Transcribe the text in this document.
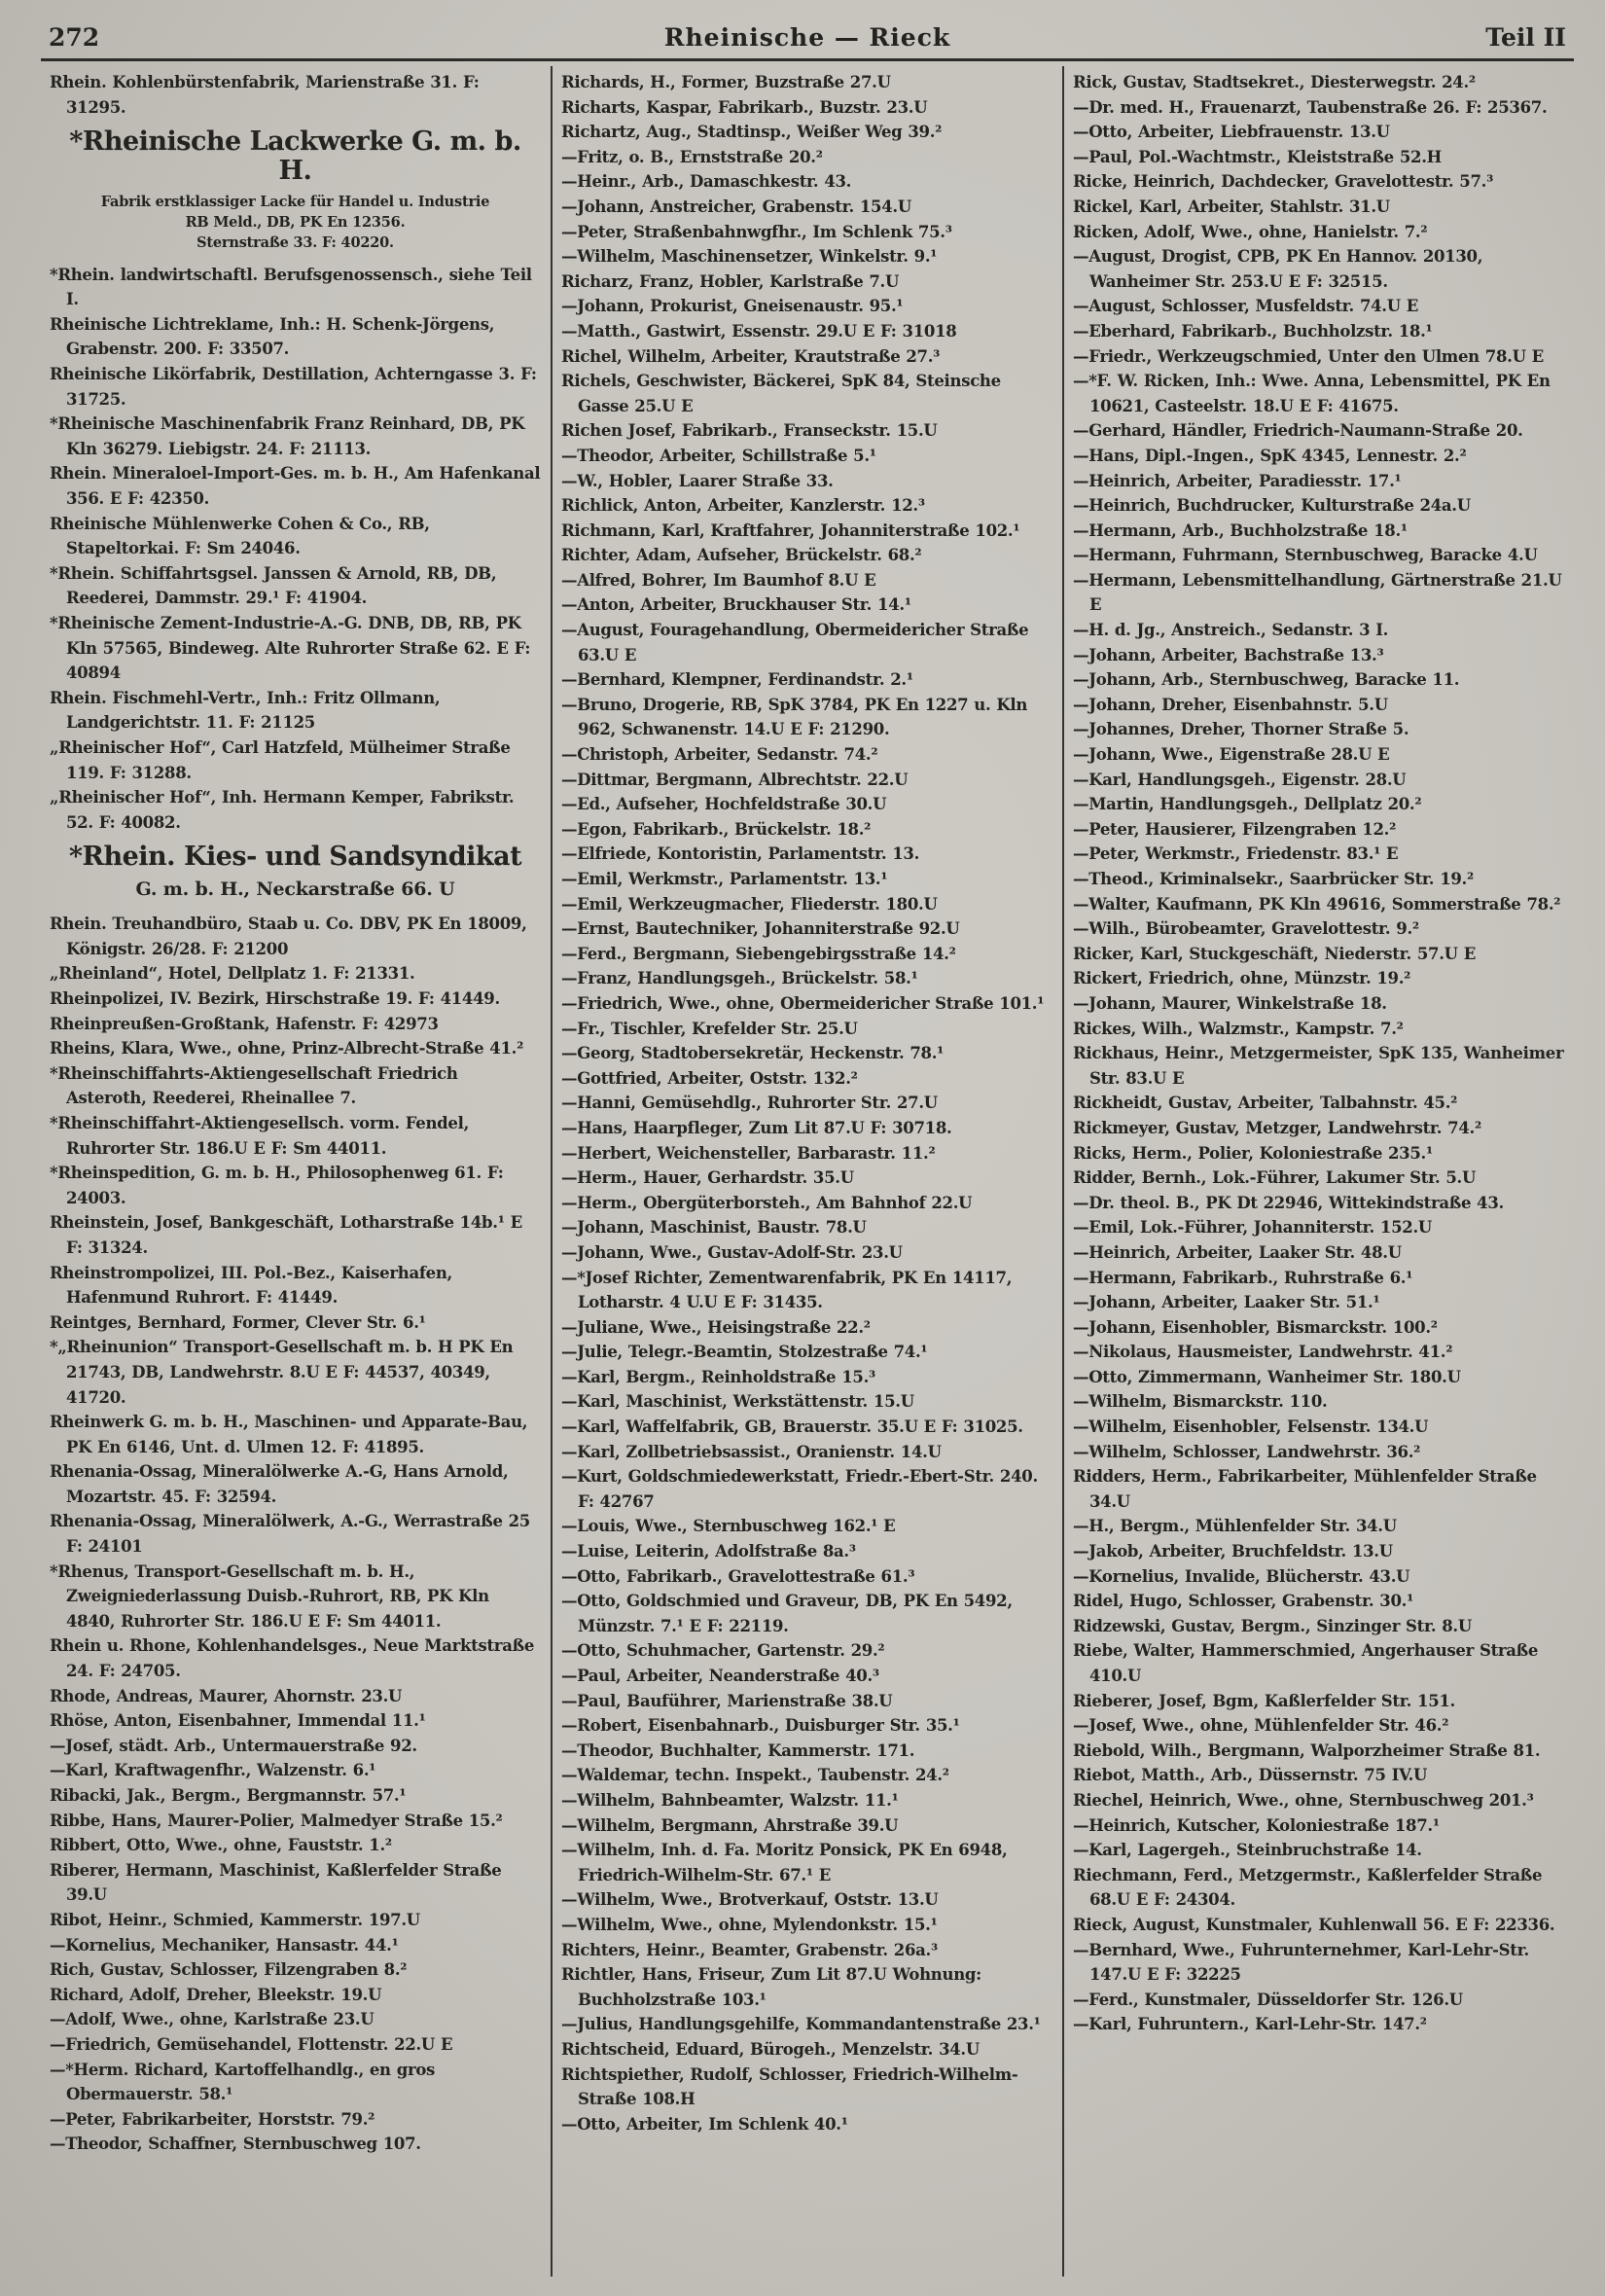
272	Rheinische — Rieck	Teil II
Rhein. Kohlenbürstenfabrik, Marienstraße 31. F: 31295.
*Rheinische Lackwerke G. m. b. H.
Fabrik erstklassiger Lacke für Handel u. Industrie
RB Meld., DB, PK En 12356.
Sternstraße 33. F: 40220.
*Rhein. landwirtschaftl. Berufsgenossensch., siehe Teil I.
Rheinische Lichtreklame, Inh.: H. Schenk-Jörgens, Grabenstr. 200. F: 33507.
Rheinische Likörfabrik, Destillation, Achterngasse 3. F: 31725.
*Rheinische Maschinenfabrik Franz Reinhard, DB, PK Kln 36279. Liebigstr. 24. F: 21113.
Rhein. Mineraloel-Import-Ges. m. b. H., Am Hafenkanal 356. E F: 42350.
Rheinische Mühlenwerke Cohen & Co., RB, Stapeltorkai. F: Sm 24046.
*Rhein. Schiffahrtsgsel. Janssen & Arnold, RB, DB, Reederei, Dammstr. 29.¹ F: 41904.
*Rheinische Zement-Industrie-A.-G. DNB, DB, RB, PK Kln 57565, Bindeweg. Alte Ruhrorter Straße 62. E F: 40894
Rhein. Fischmehl-Vertr., Inh.: Fritz Ollmann, Landgerichtstr. 11. F: 21125
„Rheinischer Hof“, Carl Hatzfeld, Mülheimer Straße 119. F: 31288.
„Rheinischer Hof“, Inh. Hermann Kemper, Fabrikstr. 52. F: 40082.
*Rhein. Kies- und Sandsyndikat
G. m. b. H., Neckarstraße 66. U
Rhein. Treuhandbüro, Staab u. Co. DBV, PK En 18009, Königstr. 26/28. F: 21200
„Rheinland“, Hotel, Dellplatz 1. F: 21331.
Rheinpolizei, IV. Bezirk, Hirschstraße 19. F: 41449.
Rheinpreußen-Großtank, Hafenstr. F: 42973
Rheins, Klara, Wwe., ohne, Prinz-Albrecht-Straße 41.²
*Rheinschiffahrts-Aktiengesellschaft Friedrich Asteroth, Reederei, Rheinallee 7.
*Rheinschiffahrt-Aktiengesellsch. vorm. Fendel, Ruhrorter Str. 186.U E F: Sm 44011.
*Rheinspedition, G. m. b. H., Philosophenweg 61. F: 24003.
Rheinstein, Josef, Bankgeschäft, Lotharstraße 14b.¹ E F: 31324.
Rheinstrompolizei, III. Pol.-Bez., Kaiserhafen, Hafenmund Ruhrort. F: 41449.
Reintges, Bernhard, Former, Clever Str. 6.¹
*„Rheinunion“ Transport-Gesellschaft m. b. H PK En 21743, DB, Landwehrstr. 8.U E F: 44537, 40349, 41720.
Rheinwerk G. m. b. H., Maschinen- und Apparate-Bau, PK En 6146, Unt. d. Ulmen 12. F: 41895.
Rhenania-Ossag, Mineralölwerke A.-G, Hans Arnold, Mozartstr. 45. F: 32594.
Rhenania-Ossag, Mineralölwerk, A.-G., Werrastraße 25 F: 24101
*Rhenus, Transport-Gesellschaft m. b. H., Zweigniederlassung Duisb.-Ruhrort, RB, PK Kln 4840, Ruhrorter Str. 186.U E F: Sm 44011.
Rhein u. Rhone, Kohlenhandelsges., Neue Marktstraße 24. F: 24705.
Rhode, Andreas, Maurer, Ahornstr. 23.U
Rhöse, Anton, Eisenbahner, Immendal 11.¹
—Josef, städt. Arb., Untermauerstraße 92.
—Karl, Kraftwagenfhr., Walzenstr. 6.¹
Ribacki, Jak., Bergm., Bergmannstr. 57.¹
Ribbe, Hans, Maurer-Polier, Malmedyer Straße 15.²
Ribbert, Otto, Wwe., ohne, Fauststr. 1.²
Riberer, Hermann, Maschinist, Kaßlerfelder Straße 39.U
Ribot, Heinr., Schmied, Kammerstr. 197.U
—Kornelius, Mechaniker, Hansastr. 44.¹
Rich, Gustav, Schlosser, Filzengraben 8.²
Richard, Adolf, Dreher, Bleekstr. 19.U
—Adolf, Wwe., ohne, Karlstraße 23.U
—Friedrich, Gemüsehandel, Flottenstr. 22.U E
—*Herm. Richard, Kartoffelhandlg., en gros Obermauerstr. 58.¹
—Peter, Fabrikarbeiter, Horststr. 79.²
—Theodor, Schaffner, Sternbuschweg 107.
Richards, H., Former, Buzstraße 27.U
Richarts, Kaspar, Fabrikarb., Buzstr. 23.U
Richartz, Aug., Stadtinsp., Weißer Weg 39.²
—Fritz, o. B., Ernststraße 20.²
—Heinr., Arb., Damaschkestr. 43.
—Johann, Anstreicher, Grabenstr. 154.U
—Peter, Straßenbahnwgfhr., Im Schlenk 75.³
—Wilhelm, Maschinensetzer, Winkelstr. 9.¹
Richarz, Franz, Hobler, Karlstraße 7.U
—Johann, Prokurist, Gneisenaustr. 95.¹
—Matth., Gastwirt, Essenstr. 29.U E F: 31018
Richel, Wilhelm, Arbeiter, Krautstraße 27.³
Richels, Geschwister, Bäckerei, SpK 84, Steinsche Gasse 25.U E
Richen Josef, Fabrikarb., Franseckstr. 15.U
—Theodor, Arbeiter, Schillstraße 5.¹
—W., Hobler, Laarer Straße 33.
Richlick, Anton, Arbeiter, Kanzlerstr. 12.³
Richmann, Karl, Kraftfahrer, Johanniterstraße 102.¹
Richter, Adam, Aufseher, Brückelstr. 68.²
—Alfred, Bohrer, Im Baumhof 8.U E
—Anton, Arbeiter, Bruckhauser Str. 14.¹
—August, Fouragehandlung, Obermeidericher Straße 63.U E
—Bernhard, Klempner, Ferdinandstr. 2.¹
—Bruno, Drogerie, RB, SpK 3784, PK En 1227 u. Kln 962, Schwanenstr. 14.U E F: 21290.
—Christoph, Arbeiter, Sedanstr. 74.²
—Dittmar, Bergmann, Albrechtstr. 22.U
—Ed., Aufseher, Hochfeldstraße 30.U
—Egon, Fabrikarb., Brückelstr. 18.²
—Elfriede, Kontoristin, Parlamentstr. 13.
—Emil, Werkmstr., Parlamentstr. 13.¹
—Emil, Werkzeugmacher, Fliederstr. 180.U
—Ernst, Bautechniker, Johanniterstraße 92.U
—Ferd., Bergmann, Siebengebirgsstraße 14.²
—Franz, Handlungsgeh., Brückelstr. 58.¹
—Friedrich, Wwe., ohne, Obermeidericher Straße 101.¹
—Fr., Tischler, Krefelder Str. 25.U
—Georg, Stadtobersekretär, Heckenstr. 78.¹
—Gottfried, Arbeiter, Oststr. 132.²
—Hanni, Gemüsehdlg., Ruhrorter Str. 27.U
—Hans, Haarpfleger, Zum Lit 87.U F: 30718.
—Herbert, Weichensteller, Barbarastr. 11.²
—Herm., Hauer, Gerhardstr. 35.U
—Herm., Obergüterborsteh., Am Bahnhof 22.U
—Johann, Maschinist, Baustr. 78.U
—Johann, Wwe., Gustav-Adolf-Str. 23.U
—*Josef Richter, Zementwarenfabrik, PK En 14117, Lotharstr. 4 U.U E F: 31435.
—Juliane, Wwe., Heisingstraße 22.²
—Julie, Telegr.-Beamtin, Stolzestraße 74.¹
—Karl, Bergm., Reinholdstraße 15.³
—Karl, Maschinist, Werkstättenstr. 15.U
—Karl, Waffelfabrik, GB, Brauerstr. 35.U E F: 31025.
—Karl, Zollbetriebsassist., Oranienstr. 14.U
—Kurt, Goldschmiedewerkstatt, Friedr.-Ebert-Str. 240. F: 42767
—Louis, Wwe., Sternbuschweg 162.¹ E
—Luise, Leiterin, Adolfstraße 8a.³
—Otto, Fabrikarb., Gravelottestraße 61.³
—Otto, Goldschmied und Graveur, DB, PK En 5492, Münzstr. 7.¹ E F: 22119.
—Otto, Schuhmacher, Gartenstr. 29.²
—Paul, Arbeiter, Neanderstraße 40.³
—Paul, Bauführer, Marienstraße 38.U
—Robert, Eisenbahnarb., Duisburger Str. 35.¹
—Theodor, Buchhalter, Kammerstr. 171.
—Waldemar, techn. Inspekt., Taubenstr. 24.²
—Wilhelm, Bahnbeamter, Walzstr. 11.¹
—Wilhelm, Bergmann, Ahrstraße 39.U
—Wilhelm, Inh. d. Fa. Moritz Ponsick, PK En 6948, Friedrich-Wilhelm-Str. 67.¹ E
—Wilhelm, Wwe., Brotverkauf, Oststr. 13.U
—Wilhelm, Wwe., ohne, Mylendonkstr. 15.¹
Richters, Heinr., Beamter, Grabenstr. 26a.³
Richtler, Hans, Friseur, Zum Lit 87.U Wohnung: Buchholzstraße 103.¹
—Julius, Handlungsgehilfe, Kommandantenstraße 23.¹
Richtscheid, Eduard, Bürogeh., Menzelstr. 34.U
Richtspiether, Rudolf, Schlosser, Friedrich-Wilhelm-Straße 108.H
—Otto, Arbeiter, Im Schlenk 40.¹
Rick, Gustav, Stadtsekret., Diesterwegstr. 24.²
—Dr. med. H., Frauenarzt, Taubenstraße 26. F: 25367.
—Otto, Arbeiter, Liebfrauenstr. 13.U
—Paul, Pol.-Wachtmstr., Kleiststraße 52.H
Ricke, Heinrich, Dachdecker, Gravelottestr. 57.³
Rickel, Karl, Arbeiter, Stahlstr. 31.U
Ricken, Adolf, Wwe., ohne, Hanielstr. 7.²
—August, Drogist, CPB, PK En Hannov. 20130, Wanheimer Str. 253.U E F: 32515.
—August, Schlosser, Musfeldstr. 74.U E
—Eberhard, Fabrikarb., Buchholzstr. 18.¹
—Friedr., Werkzeugschmied, Unter den Ulmen 78.U E
—*F. W. Ricken, Inh.: Wwe. Anna, Lebensmittel, PK En 10621, Casteelstr. 18.U E F: 41675.
—Gerhard, Händler, Friedrich-Naumann-Straße 20.
—Hans, Dipl.-Ingen., SpK 4345, Lennestr. 2.²
—Heinrich, Arbeiter, Paradiesstr. 17.¹
—Heinrich, Buchdrucker, Kulturstraße 24a.U
—Hermann, Arb., Buchholzstraße 18.¹
—Hermann, Fuhrmann, Sternbuschweg, Baracke 4.U
—Hermann, Lebensmittelhandlung, Gärtnerstraße 21.U E
—H. d. Jg., Anstreich., Sedanstr. 3 I.
—Johann, Arbeiter, Bachstraße 13.³
—Johann, Arb., Sternbuschweg, Baracke 11.
—Johann, Dreher, Eisenbahnstr. 5.U
—Johannes, Dreher, Thorner Straße 5.
—Johann, Wwe., Eigenstraße 28.U E
—Karl, Handlungsgeh., Eigenstr. 28.U
—Martin, Handlungsgeh., Dellplatz 20.²
—Peter, Hausierer, Filzengraben 12.²
—Peter, Werkmstr., Friedenstr. 83.¹ E
—Theod., Kriminalsekr., Saarbrücker Str. 19.²
—Walter, Kaufmann, PK Kln 49616, Sommerstraße 78.²
—Wilh., Bürobeamter, Gravelottestr. 9.²
Ricker, Karl, Stuckgeschäft, Niederstr. 57.U E
Rickert, Friedrich, ohne, Münzstr. 19.²
—Johann, Maurer, Winkelstraße 18.
Rickes, Wilh., Walzmstr., Kampstr. 7.²
Rickhaus, Heinr., Metzgermeister, SpK 135, Wanheimer Str. 83.U E
Rickheidt, Gustav, Arbeiter, Talbahnstr. 45.²
Rickmeyer, Gustav, Metzger, Landwehrstr. 74.²
Ricks, Herm., Polier, Koloniestraße 235.¹
Ridder, Bernh., Lok.-Führer, Lakumer Str. 5.U
—Dr. theol. B., PK Dt 22946, Wittekindstraße 43.
—Emil, Lok.-Führer, Johanniterstr. 152.U
—Heinrich, Arbeiter, Laaker Str. 48.U
—Hermann, Fabrikarb., Ruhrstraße 6.¹
—Johann, Arbeiter, Laaker Str. 51.¹
—Johann, Eisenhobler, Bismarckstr. 100.²
—Nikolaus, Hausmeister, Landwehrstr. 41.²
—Otto, Zimmermann, Wanheimer Str. 180.U
—Wilhelm, Bismarckstr. 110.
—Wilhelm, Eisenhobler, Felsenstr. 134.U
—Wilhelm, Schlosser, Landwehrstr. 36.²
Ridders, Herm., Fabrikarbeiter, Mühlenfelder Straße 34.U
—H., Bergm., Mühlenfelder Str. 34.U
—Jakob, Arbeiter, Bruchfeldstr. 13.U
—Kornelius, Invalide, Blücherstr. 43.U
Ridel, Hugo, Schlosser, Grabenstr. 30.¹
Ridzewski, Gustav, Bergm., Sinzinger Str. 8.U
Riebe, Walter, Hammerschmied, Angerhauser Straße 410.U
Rieberer, Josef, Bgm, Kaßlerfelder Str. 151.
—Josef, Wwe., ohne, Mühlenfelder Str. 46.²
Riebold, Wilh., Bergmann, Walporzheimer Straße 81.
Riebot, Matth., Arb., Düssernstr. 75 IV.U
Riechel, Heinrich, Wwe., ohne, Sternbuschweg 201.³
—Heinrich, Kutscher, Koloniestraße 187.¹
—Karl, Lagergeh., Steinbruchstraße 14.
Riechmann, Ferd., Metzgermstr., Kaßlerfelder Straße 68.U E F: 24304.
Rieck, August, Kunstmaler, Kuhlenwall 56. E F: 22336.
—Bernhard, Wwe., Fuhrunternehmer, Karl-Lehr-Str. 147.U E F: 32225
—Ferd., Kunstmaler, Düsseldorfer Str. 126.U
—Karl, Fuhruntern., Karl-Lehr-Str. 147.²
